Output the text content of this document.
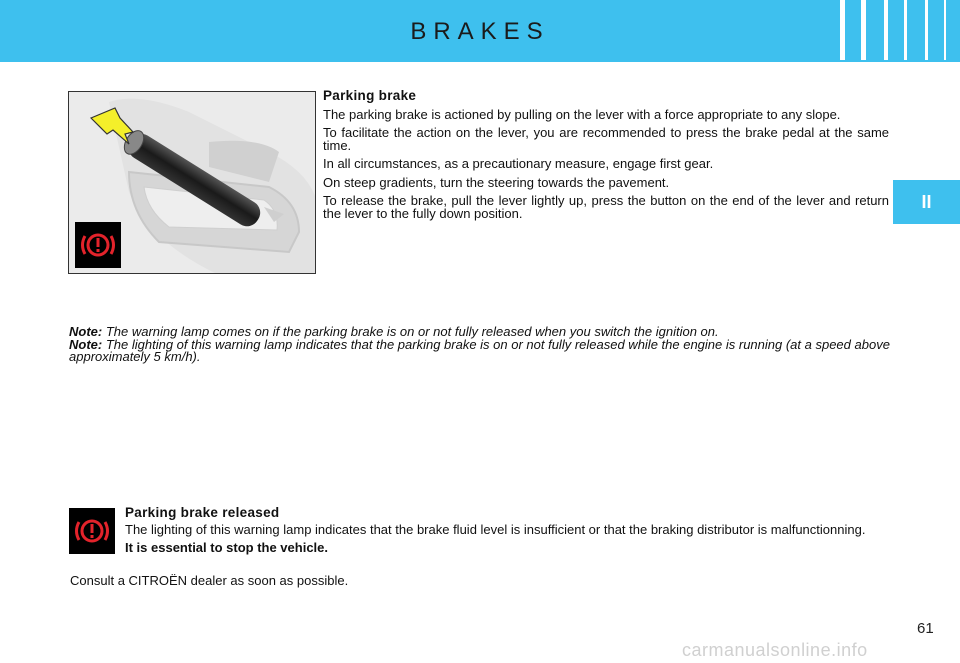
BRAKES
II
Parking brake

The parking brake is actioned by pulling on the lever with a force appropriate to any slope.

To facilitate the action on the lever, you are recommended to press the brake pedal at the same time.

In all circumstances, as a precautionary measure, engage first gear.

On steep gradients, turn the steering towards the pavement.

To release the brake, pull the lever lightly up, press the button on the end of the lever and return the lever to the fully down position.

Note: The warning lamp comes on if the parking brake is on or not fully released when you switch the ignition on.
Note: The lighting of this warning lamp indicates that the parking brake is on or not fully released while the engine is running (at a speed above approximately 5 km/h).
Parking brake released

The lighting of this warning lamp indicates that the brake fluid level is insufficient or that the braking distributor is malfunctionning.

It is essential to stop the vehicle.

Consult a CITROËN dealer as soon as possible.
61
carmanualsonline.info
